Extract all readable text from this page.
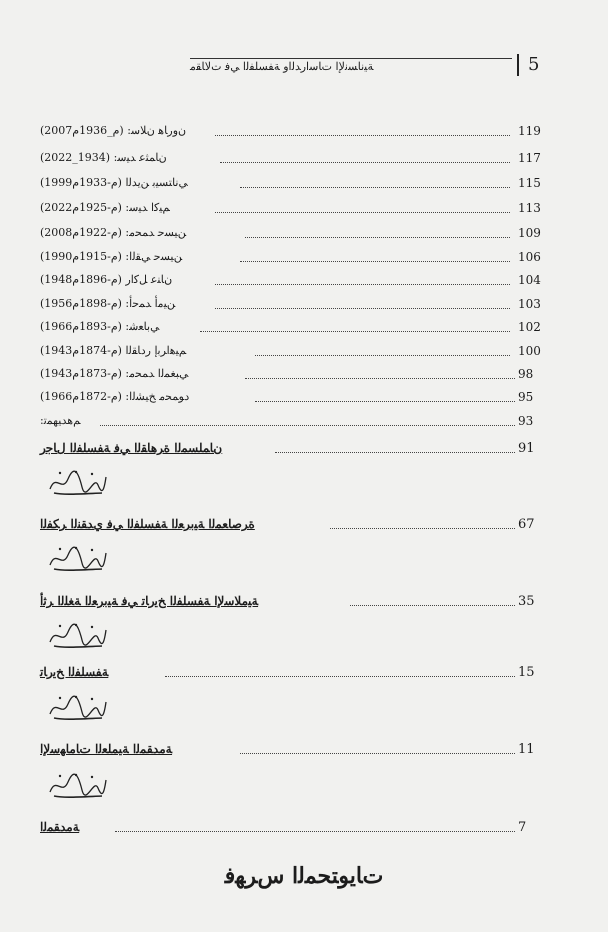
ﺔﻴﻧﺎﺴﻧﻹﺍ ﺕﺎﺳﺍﺭﺪﻟﺍﻭ ﺔﻔﺴﻠﻔﻟﺍ ﻲﻓ ﺕﻻﺎﻘﻣ	5
(2007م_1936م) :ﻥﻭﺭﺎﻫ ﻥﻼﺳ	119
(2022_1934) :ﻥﺎﻤﺜﻋ ﺪﻴﺳ	117
(1999م-1933م) ﻲﻧﺎﺘﺴﻴﺑ ﻦﻳﺪﻟﺍ	115
(2022م-1925م) :ﻢﻴﻛﺍ ﺪﻴﺳ	113
(2008م-1922م) :ﻦﻴﺴﺣ ﺪﻤﺤﻣ	109
(1990م-1915م) :ﻦﻴﺴﺣ ﻲﻘﻟﺍ	106
(1948م-1896م) ﻥﺎﻨﻋ ﻞﻛﺍﺭ	104
(1956م-1898م) :ﻦﻴﻣﺃ ﺪﻤﺣﺃ	103
(1966م-1893م) :ﻲﺑﺎﻌﺷ	102
(1943م-1874م) ﻢﻴﻫﺍﺮﺑﺇ ﺭﺩﺎﻘﻟﺍ	100
(1943م-1873م) :ﻲﺒﻐﻤﻟﺍ ﺪﻤﺤﻣ	98
(1966م-1872م) :ﺩﻮﻤﺤﻣ ﺦﻴﺸﻟﺍ	95
:ﻢﻫﺪﻴﻬﻤﺗ	93
ﻥﺎﻤﻠﺴﻤﻟﺍ ﺓﺮﻫﺎﻘﻟﺍ ﻲﻓ ﺔﻔﺴﻠﻔﻟﺍ ﻝﺎﺟﺭ	91
ﺓﺮﺻﺎﻌﻤﻟﺍ ﺔﻴﺑﺮﻌﻟﺍ ﺔﻔﺴﻠﻔﻟﺍ ﻲﻓ ﻱﺪﻘﻨﻟﺍ ﺮﻜﻔﻟﺍ	67
ﺔﻴﻣﻼﺳﻹﺍ ﺔﻔﺴﻠﻔﻟﺍ ﺦﻳﺭﺎﺗ ﻲﻓ ﺔﻴﺑﺮﻌﻟﺍ ﺔﻐﻠﻟﺍ ﺮﺛﺃ	35
ﺔﻔﺴﻠﻔﻟﺍ ﺦﻳﺭﺎﺗ	15
ﺔﻣﺪﻘﻤﻟﺍ ﺔﻴﻤﻠﻌﻟﺍ ﺕﺎﻣﺎﻬﺳﻹﺍ	11
ﺔﻣﺪﻘﻤﻟﺍ	7
ﺕﺎﻳﻮﺘﺤﻤﻟﺍ ﺱﺮﻬﻓ
